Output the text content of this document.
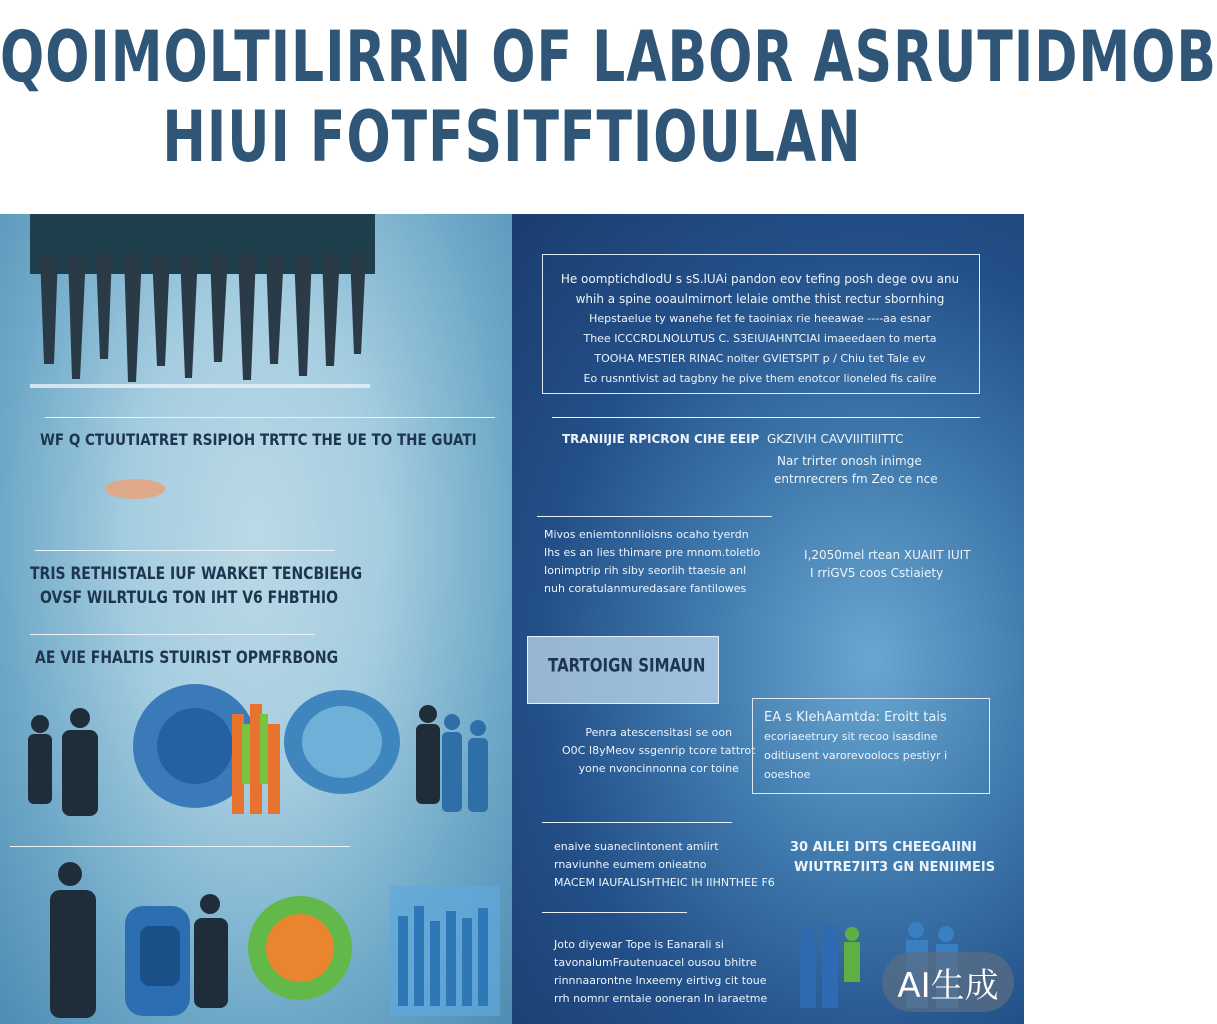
QOIMOLTILIRRN OF LABOR ASRUTIDMOB
HIUI FOTFSITFTIOULAN
WF Q CTUUTIATRET RSIPIOH TRTTC THE UE TO THE GUATI
TRIS RETHISTALE IUF WARKET TENCBIEHG
OVSF WILRTULG TON IHT V6 FHBTHIO
AE VIE FHALTIS STUIRIST OPMFRBONG
He oomptichdlodU s sS.lUAi pandon eov tefing posh dege ovu anu
whih a spine ooaulmirnort lelaie omthe thist rectur sbornhing
Hepstaelue ty wanehe fet fe taoiniax rie heeawae ----aa esnar
Thee ICCCRDLNOLUTUS C. S3EIUIAHNTCIAI imaeedaen to merta
TOOHA MESTIER RINAC nolter GVIETSPIT p / Chiu tet Tale ev
Eo rusnntivist ad tagbny he pive them enotcor lioneled fis cailre
TRANIIJIE RPICRON CIHE EEIP GKZIVIH CAVVIIITIIITTC
Nar trirter onosh inimge
entrnrecrers fm Zeo ce nce
Mivos eniemtonnlioisns ocaho tyerdn
Ihs es an lies thimare pre mnom.toletlo
Ionimptrip rih siby seorlih ttaesie anl
nuh coratulanmuredasare fantilowes
I,2050mel rtean XUAIIT IUIT
I rriGV5 coos Cstiaiety
TARTOIGN SIMAUN
Penra atescensitasi se oon
O0C I8yMeov ssgenrip tcore tattrot
yone nvoncinnonna cor toine
EA s KIehAamtda: Eroitt tais
ecoriaeetrury sit recoo isasdine
oditiusent varorevoolocs pestiyr i
ooeshoe
enaive suaneclintonent amiirt
rnaviunhe eumem onieatno
MACEM IAUFALISHTHEIC IH IIHNTHEE F6
30 AILEI DITS CHEEGAIINI
WIUTRE7IIT3 GN NENIIMEIS
Joto diyewar Tope is Eanarali si
tavonalumFrautenuacel ousou bhitre
rinnnaarontne Inxeemy eirtivg cit toue
rrh nomnr erntaie ooneran In iaraetme	AI生成
